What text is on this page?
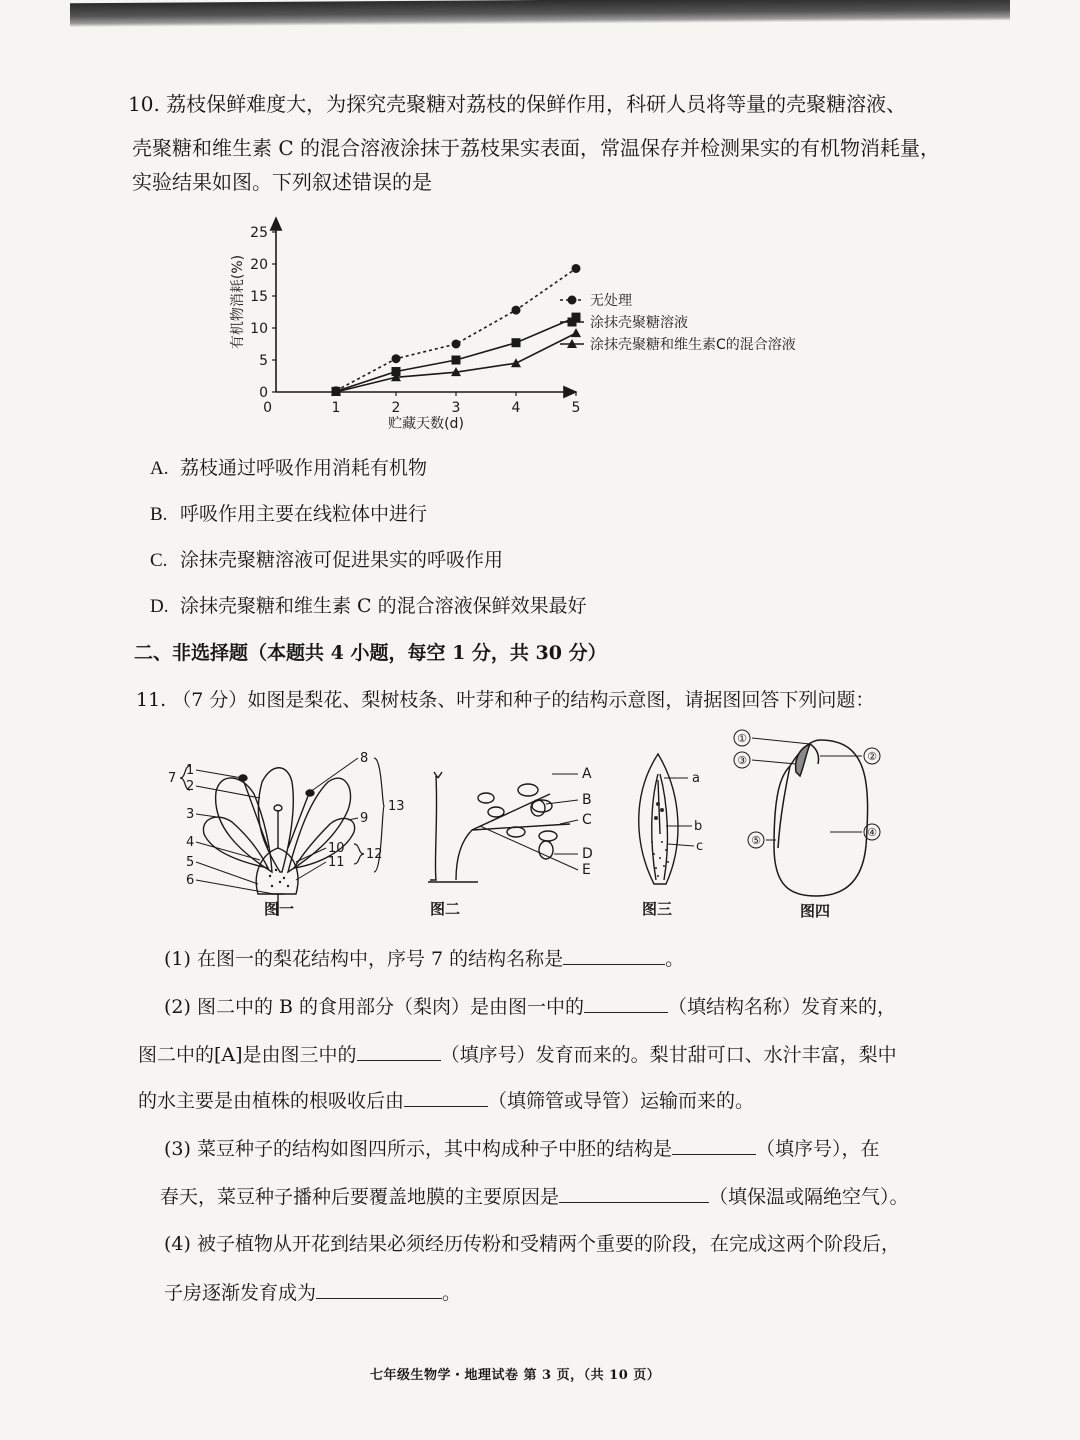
10. 荔枝保鲜难度大，为探究壳聚糖对荔枝的保鲜作用，科研人员将等量的壳聚糖溶液、
壳聚糖和维生素 C 的混合溶液涂抹于荔枝果实表面，常温保存并检测果实的有机物消耗量，
实验结果如图。下列叙述错误的是
0
5
10
15
20
25
0	1	2	3	4	5
有机物消耗(%)
贮藏天数(d)
无处理
涂抹壳聚糖溶液
涂抹壳聚糖和维生素C的混合溶液
A. 荔枝通过呼吸作用消耗有机物
B. 呼吸作用主要在线粒体中进行
C. 涂抹壳聚糖溶液可促进果实的呼吸作用
D. 涂抹壳聚糖和维生素 C 的混合溶液保鲜效果最好
二、非选择题（本题共 4 小题，每空 1 分，共 30 分）
11. （7 分）如图是梨花、梨树枝条、叶芽和种子的结构示意图，请据图回答下列问题：
1
2
3
4
5
6
7
8
9
10
11
12
13
图一
A
B
C
D
E
图二
a
b
c
图三
①
②
③
④
⑤
图四
(1) 在图一的梨花结构中，序号 7 的结构名称是	。
(2) 图二中的 B 的食用部分（梨肉）是由图一中的	（填结构名称）发育来的，
图二中的[A]是由图三中的	（填序号）发育而来的。梨甘甜可口、水汁丰富，梨中
的水主要是由植株的根吸收后由	（填筛管或导管）运输而来的。
(3) 菜豆种子的结构如图四所示，其中构成种子中胚的结构是	（填序号），在
春天，菜豆种子播种后要覆盖地膜的主要原因是	（填保温或隔绝空气）。
(4) 被子植物从开花到结果必须经历传粉和受精两个重要的阶段，在完成这两个阶段后，
子房逐渐发育成为	。
七年级生物学・地理试卷 第 3 页，（共 10 页）
